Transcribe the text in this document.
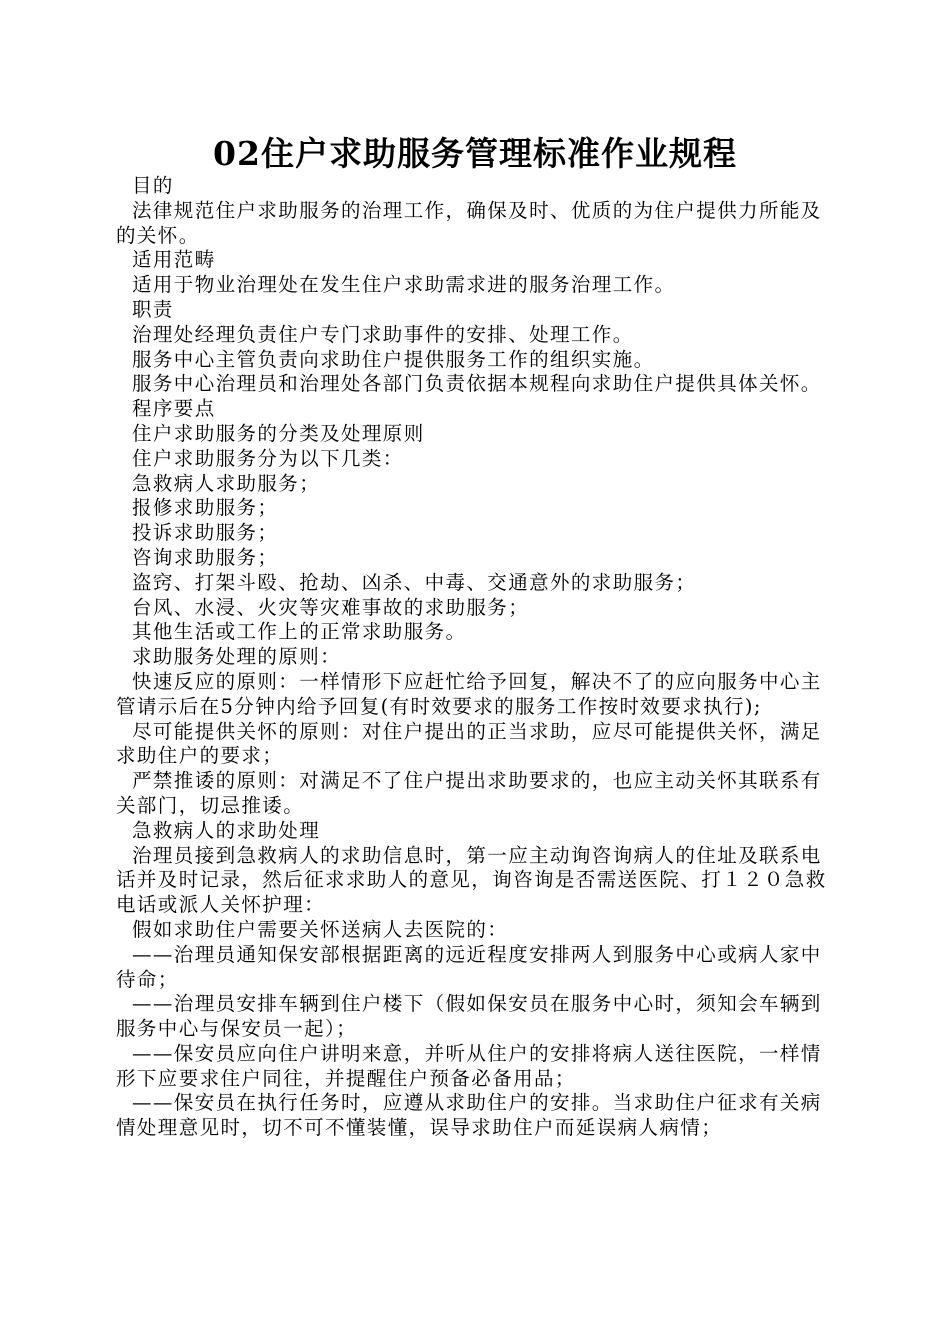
02住户求助服务管理标准作业规程

目的

法律规范住户求助服务的治理工作，确保及时、优质的为住户提供力所能及的关怀。

适用范畴

适用于物业治理处在发生住户求助需求进的服务治理工作。

职责

治理处经理负责住户专门求助事件的安排、处理工作。

服务中心主管负责向求助住户提供服务工作的组织实施。

服务中心治理员和治理处各部门负责依据本规程向求助住户提供具体关怀。

程序要点

住户求助服务的分类及处理原则

住户求助服务分为以下几类：

急救病人求助服务；

报修求助服务；

投诉求助服务；

咨询求助服务；

盗窍、打架斗殴、抢劫、凶杀、中毒、交通意外的求助服务；

台风、水浸、火灾等灾难事故的求助服务；

其他生活或工作上的正常求助服务。

求助服务处理的原则：

快速反应的原则：一样情形下应赶忙给予回复，解决不了的应向服务中心主管请示后在5分钟内给予回复(有时效要求的服务工作按时效要求执行);

尽可能提供关怀的原则：对住户提出的正当求助，应尽可能提供关怀，满足求助住户的要求；

严禁推诿的原则：对满足不了住户提出求助要求的，也应主动关怀其联系有关部门，切忌推诿。

急救病人的求助处理

治理员接到急救病人的求助信息时，第一应主动询咨询病人的住址及联系电话并及时记录，然后征求求助人的意见，询咨询是否需送医院、打１２０急救电话或派人关怀护理：

假如求助住户需要关怀送病人去医院的：

——治理员通知保安部根据距离的远近程度安排两人到服务中心或病人家中待命；

——治理员安排车辆到住户楼下（假如保安员在服务中心时，须知会车辆到服务中心与保安员一起）；

——保安员应向住户讲明来意，并听从住户的安排将病人送往医院，一样情形下应要求住户同往，并提醒住户预备必备用品；

——保安员在执行任务时，应遵从求助住户的安排。当求助住户征求有关病情处理意见时，切不可不懂装懂，误导求助住户而延误病人病情；
